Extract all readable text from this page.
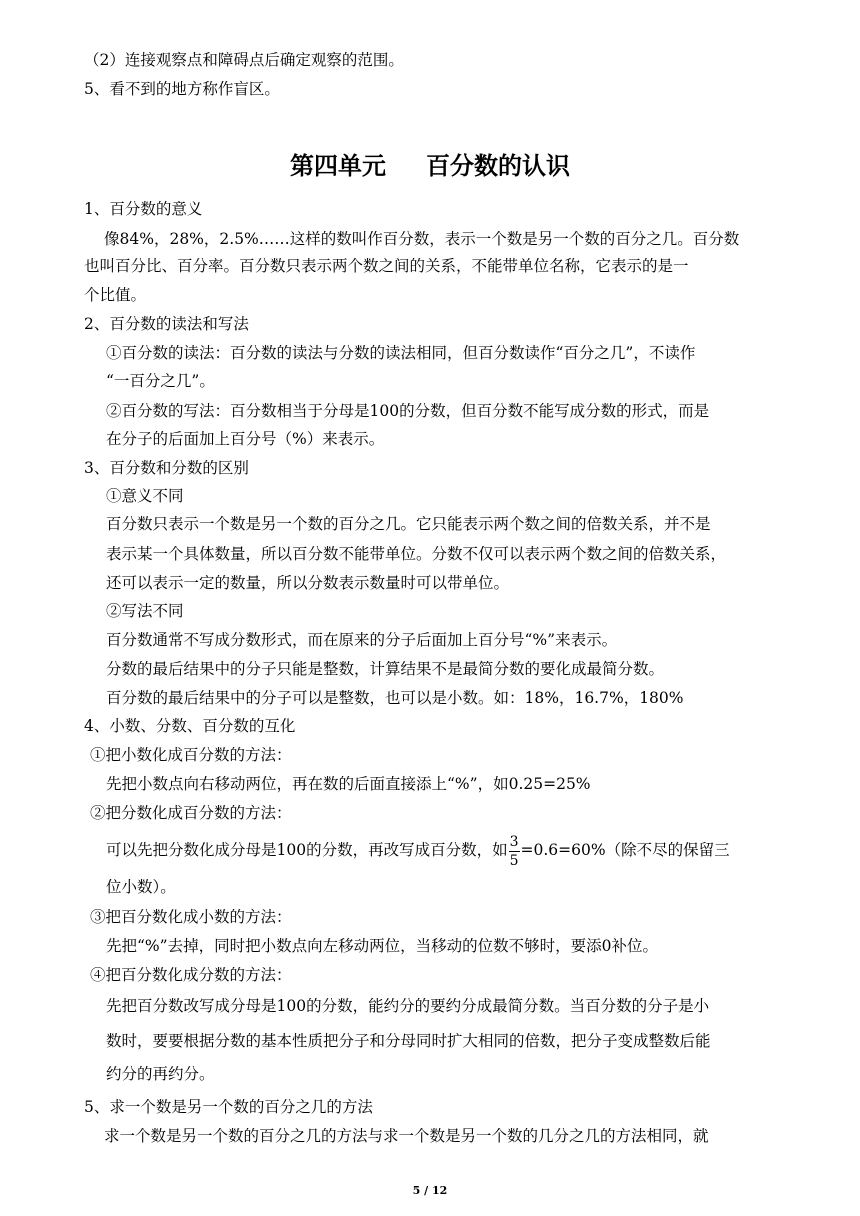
（2）连接观察点和障碍点后确定观察的范围。
5、看不到的地方称作盲区。
第四单元 百分数的认识
1、百分数的意义
像84%，28%，2.5%……这样的数叫作百分数，表示一个数是另一个数的百分之几。百分数
也叫百分比、百分率。百分数只表示两个数之间的关系，不能带单位名称，它表示的是一
个比值。
2、百分数的读法和写法
①百分数的读法：百分数的读法与分数的读法相同，但百分数读作“百分之几”，不读作
“一百分之几”。
②百分数的写法：百分数相当于分母是100的分数，但百分数不能写成分数的形式，而是
在分子的后面加上百分号（%）来表示。
3、百分数和分数的区别
①意义不同
百分数只表示一个数是另一个数的百分之几。它只能表示两个数之间的倍数关系，并不是
表示某一个具体数量，所以百分数不能带单位。分数不仅可以表示两个数之间的倍数关系，
还可以表示一定的数量，所以分数表示数量时可以带单位。
②写法不同
百分数通常不写成分数形式，而在原来的分子后面加上百分号“%”来表示。
分数的最后结果中的分子只能是整数，计算结果不是最简分数的要化成最简分数。
百分数的最后结果中的分子可以是整数，也可以是小数。如：18%，16.7%，180%
4、小数、分数、百分数的互化
①把小数化成百分数的方法：
先把小数点向右移动两位，再在数的后面直接添上“%”，如0.25=25%
②把分数化成百分数的方法：
可以先把分数化成分母是100的分数，再改写成百分数，如 $\frac{3}{5} =0.6=60\%$（除不尽的保留三
位小数）。
③把百分数化成小数的方法：
先把“%”去掉，同时把小数点向左移动两位，当移动的位数不够时，要添0补位。
④把百分数化成分数的方法：
先把百分数改写成分母是100的分数，能约分的要约分成最简分数。当百分数的分子是小
数时，要要根据分数的基本性质把分子和分母同时扩大相同的倍数，把分子变成整数后能
约分的再约分。
5、求一个数是另一个数的百分之几的方法
求一个数是另一个数的百分之几的方法与求一个数是另一个数的几分之几的方法相同，就
5 / 12
